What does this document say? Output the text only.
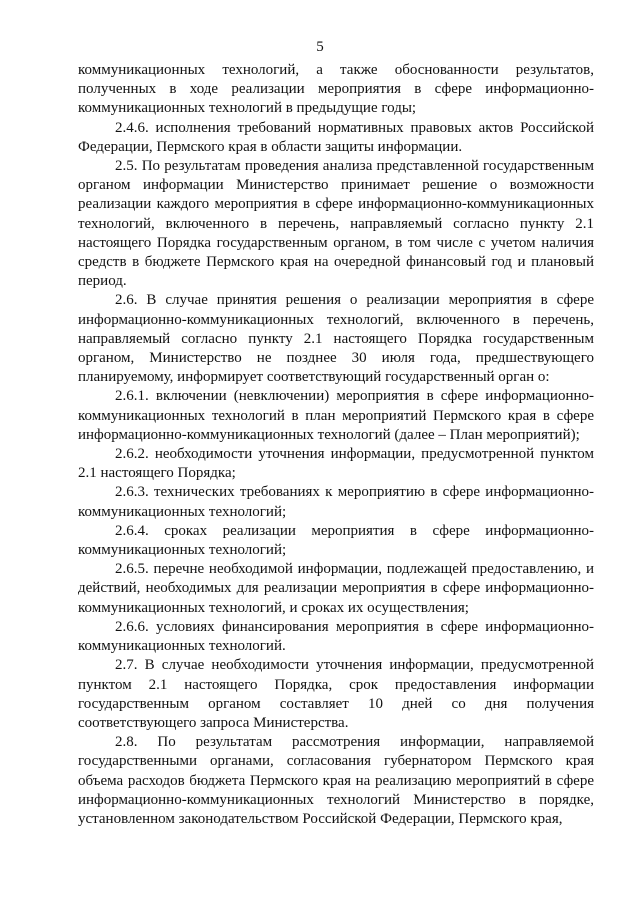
5

коммуникационных технологий, а также обоснованности результатов, полученных в ходе реализации мероприятия в сфере информационно-коммуникационных технологий в предыдущие годы;

2.4.6. исполнения требований нормативных правовых актов Российской Федерации, Пермского края в области защиты информации.

2.5. По результатам проведения анализа представленной государственным органом информации Министерство принимает решение о возможности реализации каждого мероприятия в сфере информационно-коммуникационных технологий, включенного в перечень, направляемый согласно пункту 2.1 настоящего Порядка государственным органом, в том числе с учетом наличия средств в бюджете Пермского края на очередной финансовый год и плановый период.

2.6. В случае принятия решения о реализации мероприятия в сфере информационно-коммуникационных технологий, включенного в перечень, направляемый согласно пункту 2.1 настоящего Порядка государственным органом, Министерство не позднее 30 июля года, предшествующего планируемому, информирует соответствующий государственный орган о:

2.6.1. включении (невключении) мероприятия в сфере информационно-коммуникационных технологий в план мероприятий Пермского края в сфере информационно-коммуникационных технологий (далее – План мероприятий);

2.6.2. необходимости уточнения информации, предусмотренной пунктом 2.1 настоящего Порядка;

2.6.3. технических требованиях к мероприятию в сфере информационно-коммуникационных технологий;

2.6.4. сроках реализации мероприятия в сфере информационно-коммуникационных технологий;

2.6.5. перечне необходимой информации, подлежащей предоставлению, и действий, необходимых для реализации мероприятия в сфере информационно-коммуникационных технологий, и сроках их осуществления;

2.6.6. условиях финансирования мероприятия в сфере информационно-коммуникационных технологий.

2.7. В случае необходимости уточнения информации, предусмотренной пунктом 2.1 настоящего Порядка, срок предоставления информации государственным органом составляет 10 дней со дня получения соответствующего запроса Министерства.

2.8. По результатам рассмотрения информации, направляемой государственными органами, согласования губернатором Пермского края объема расходов бюджета Пермского края на реализацию мероприятий в сфере информационно-коммуникационных технологий Министерство в порядке, установленном законодательством Российской Федерации, Пермского края,
